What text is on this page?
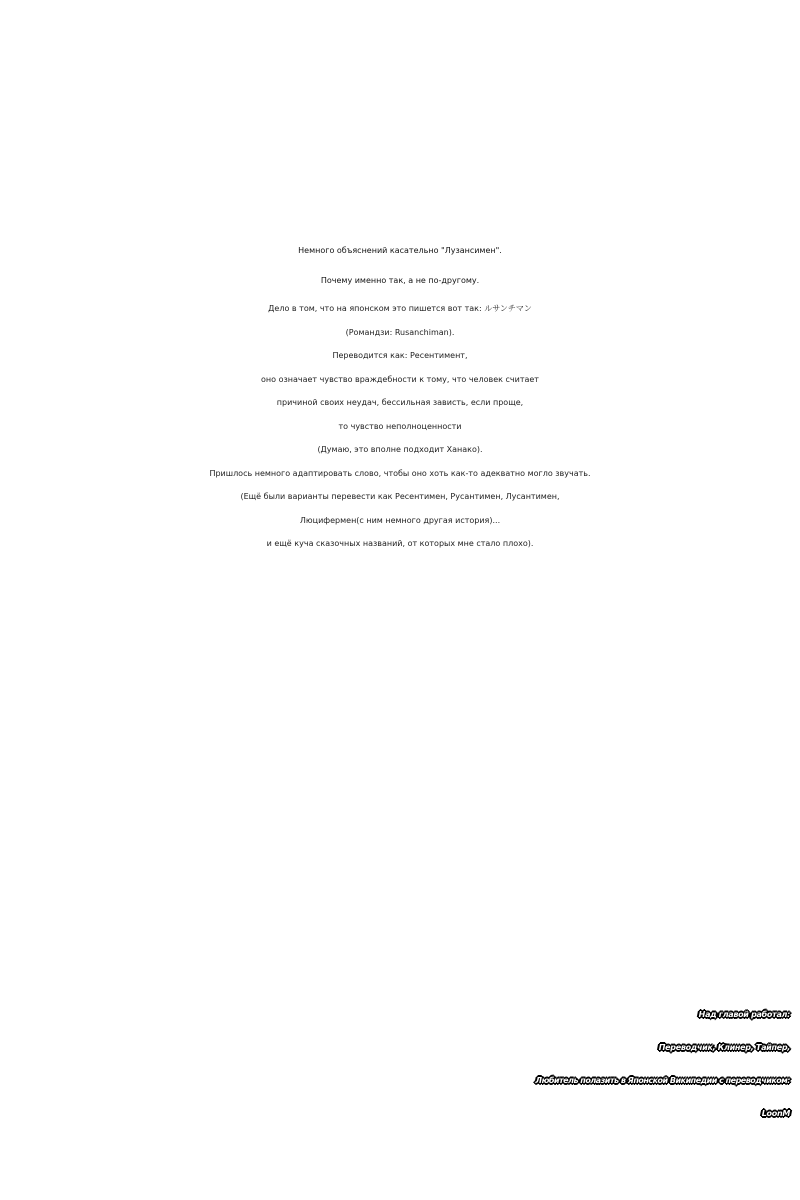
Немного объяснений касательно "Лузансимен".
Почему именно так, а не по-другому.
Дело в том, что на японском это пишется вот так: ルサンチマン
(Ромaндзи: Rusanchiman).
Переводится как: Ресентимент,
оно означает чувство враждебности к тому, что человек считает
причиной своих неудач, бессильная зависть, если проще,
то чувство неполноценности
(Думаю, это вполне подходит Ханако).
Пришлось немного адаптировать слово, чтобы оно хоть как-то адекватно могло звучать.
(Ещё были варианты перевести как Ресентимен, Русантимен, Лусантимен,
Люцифермен(с ним немного другая история)...
и ещё куча сказочных названий, от которых мне стало плохо).
Над главой работал:
Переводчик, Клинер, Тайпер,
Любитель полазить в Японской Википедии с переводчиком:
LoonM
